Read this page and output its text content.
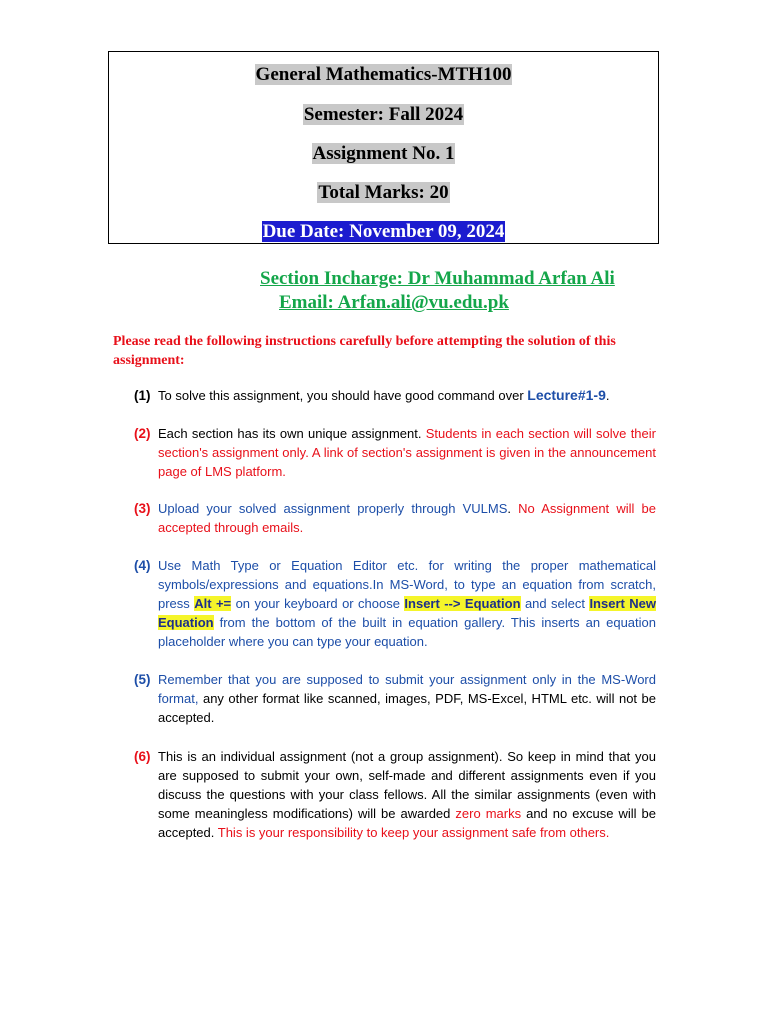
General Mathematics-MTH100
Semester: Fall 2024
Assignment No. 1
Total Marks: 20
Due Date: November 09, 2024
Section Incharge: Dr Muhammad Arfan Ali
Email: Arfan.ali@vu.edu.pk
Please read the following instructions carefully before attempting the solution of this assignment:
(1) To solve this assignment, you should have good command over Lecture#1-9.
(2) Each section has its own unique assignment. Students in each section will solve their section's assignment only. A link of section's assignment is given in the announcement page of LMS platform.
(3) Upload your solved assignment properly through VULMS. No Assignment will be accepted through emails.
(4) Use Math Type or Equation Editor etc. for writing the proper mathematical symbols/expressions and equations.In MS-Word, to type an equation from scratch, press Alt += on your keyboard or choose Insert --> Equation and select Insert New Equation from the bottom of the built in equation gallery. This inserts an equation placeholder where you can type your equation.
(5) Remember that you are supposed to submit your assignment only in the MS-Word format, any other format like scanned, images, PDF, MS-Excel, HTML etc. will not be accepted.
(6) This is an individual assignment (not a group assignment). So keep in mind that you are supposed to submit your own, self-made and different assignments even if you discuss the questions with your class fellows. All the similar assignments (even with some meaningless modifications) will be awarded zero marks and no excuse will be accepted. This is your responsibility to keep your assignment safe from others.
